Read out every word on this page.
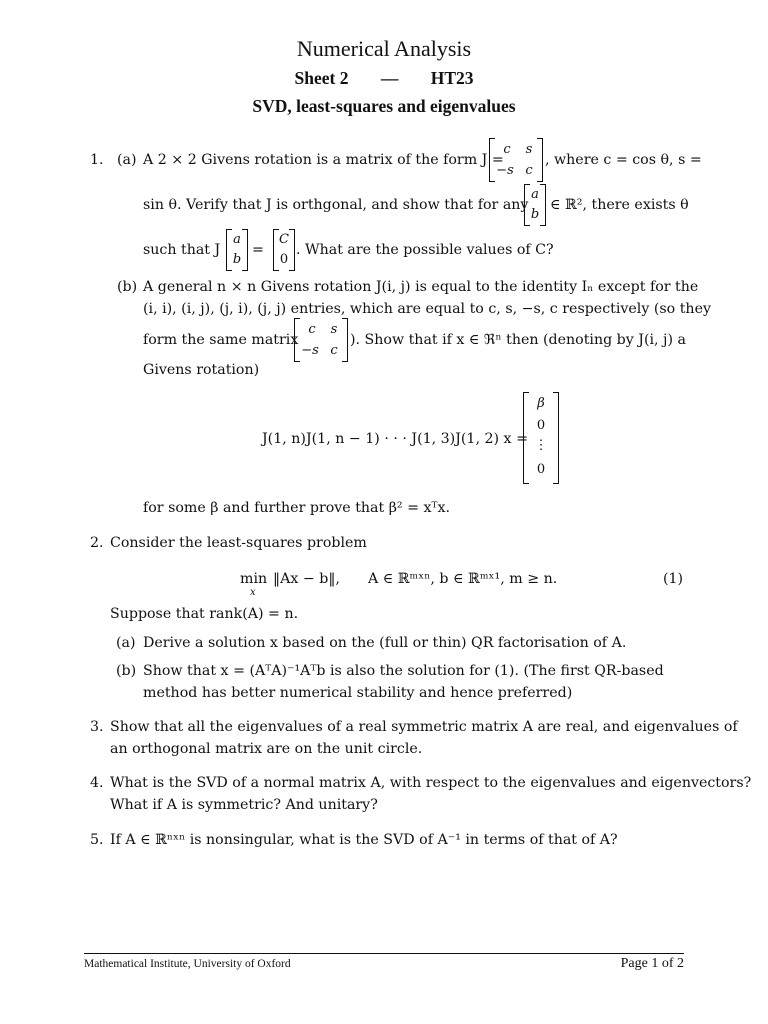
Numerical Analysis
Sheet 2 — HT23
SVD, least-squares and eigenvalues
1. (a) A 2 × 2 Givens rotation is a matrix of the form J =
c s
−s c
, where c = cos θ, s =
sin θ. Verify that J is orthgonal, and show that for any
a
b
∈ ℝ², there exists θ
such that J
a
b
=
C
0
. What are the possible values of C?
(b) A general n × n Givens rotation J(i, j) is equal to the identity Iₙ except for the
(i, i), (i, j), (j, i), (j, j) entries, which are equal to c, s, −s, c respectively (so they
form the same matrix
c s
−s c
). Show that if x ∈ ℜⁿ then (denoting by J(i, j) a
Givens rotation)
J(1, n)J(1, n − 1) · · · J(1, 3)J(1, 2) x =
β
0
⋮
0
for some β and further prove that β² = xᵀx.
2. Consider the least-squares problem
min
x
‖Ax − b‖, A ∈ ℝᵐˣⁿ, b ∈ ℝᵐˣ¹, m ≥ n.	(1)
Suppose that rank(A) = n.
(a) Derive a solution x based on the (full or thin) QR factorisation of A.
(b) Show that x = (AᵀA)⁻¹Aᵀb is also the solution for (1). (The first QR-based
method has better numerical stability and hence preferred)
3. Show that all the eigenvalues of a real symmetric matrix A are real, and eigenvalues of
an orthogonal matrix are on the unit circle.
4. What is the SVD of a normal matrix A, with respect to the eigenvalues and eigenvectors?
What if A is symmetric? And unitary?
5. If A ∈ ℝⁿˣⁿ is nonsingular, what is the SVD of A⁻¹ in terms of that of A?
Mathematical Institute, University of Oxford	Page 1 of 2
